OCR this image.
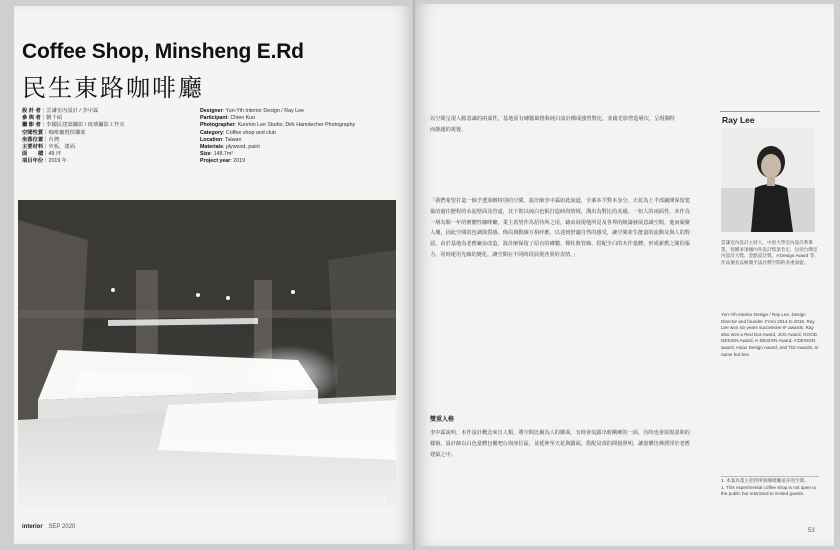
Coffee Shop, Minsheng E.Rd
民生東路咖啡廳
設 計 者｜雲謙室內設計 / 李中霖
參 與 者｜劉千碩
攝 影 者｜李國民建築攝影 / 琉璃攝影工作室
空間性質｜咖啡廳暨俱樂部
坐落位置｜台灣
主要材料｜夾板、漆面
面　　積｜49 坪
項目年份｜2019 年
Designer: Yun-Yih Interior Design / Ray Lee
Participant: Chien Kuo
Photographer: Kuomin Lee Studio, Dirk Hamdecher Photography
Category: Coffee shop and club
Location: Taiwan
Materials: plywood, paint
Size: 148.7m²
Project year: 2019
1
interior SEP 2020
以空間呈現人脈意識的兩面性，基地原有磚牆風格與純白設計構成強烈對比，並藉光影營造層次，呈現獨特而靜謐的視覺。
「我們希望打造一個予透別緻特別的空間，設計師李中霖如此說道，全案本平對本身分，天花為上半部鋪開保留建築的過往歷程的水泥壁面及管道，其下則以純白色板打造時尚情境，溝出為對比的美感。一如人的兩面性，本作為一層為類一年的實體性咖啡廳，業主希望作為招待所之用，藉由展現他所見及各界的統籌發展意識空間，進而凝聚人潮。因此空間的色調與質感、佈局與動線互相呼應，以達到舒適自然的感受，讓空間產生能量的流動及與人的對話。由於基地為老舊廠房改造，設計師保留了原有的磚牆、樑柱與管線，搭配全白的木作量體，形成新舊之間的張力，同時運用光線的變化，讓空間在不同時段展現各異的表情。」
雙重人格
李中霖說明，本作設計概念來自人類，將空間比擬為人的臉面，有時會流露出較剛硬的一面，有時也會展現柔和的樣貌。設計師以白色量體包覆吧台與座位區，並延伸至天花與牆面，搭配局部的間接照明，讓量體彷彿漂浮於老舊建築之中。
Ray Lee
雲謙室內設計主持人，中原大學室內設計系畢業，曾獲多項國內外設計獎項肯定，包括台灣室內設計大獎、金點設計獎、A'Design Award 等，作品擅長以極簡手法詮釋空間的多重面貌。
Yun-Yih Interior Design / Ray Lee, Design Director and founder. From 2014 to 2019, Ray Lee won six years successive IF awards, Ray also won a Red Dot Award, JCD Award, GOOD DESIGN Award, K-DESIGN Award, A'DESIGN award, Asian Design Award, and TID Awards, to name but few.
1. 本案為業主招待所與咖啡廳並存的空間。
1. This experimental coffee shop is not open to the public but restricted to invited guests.
53
